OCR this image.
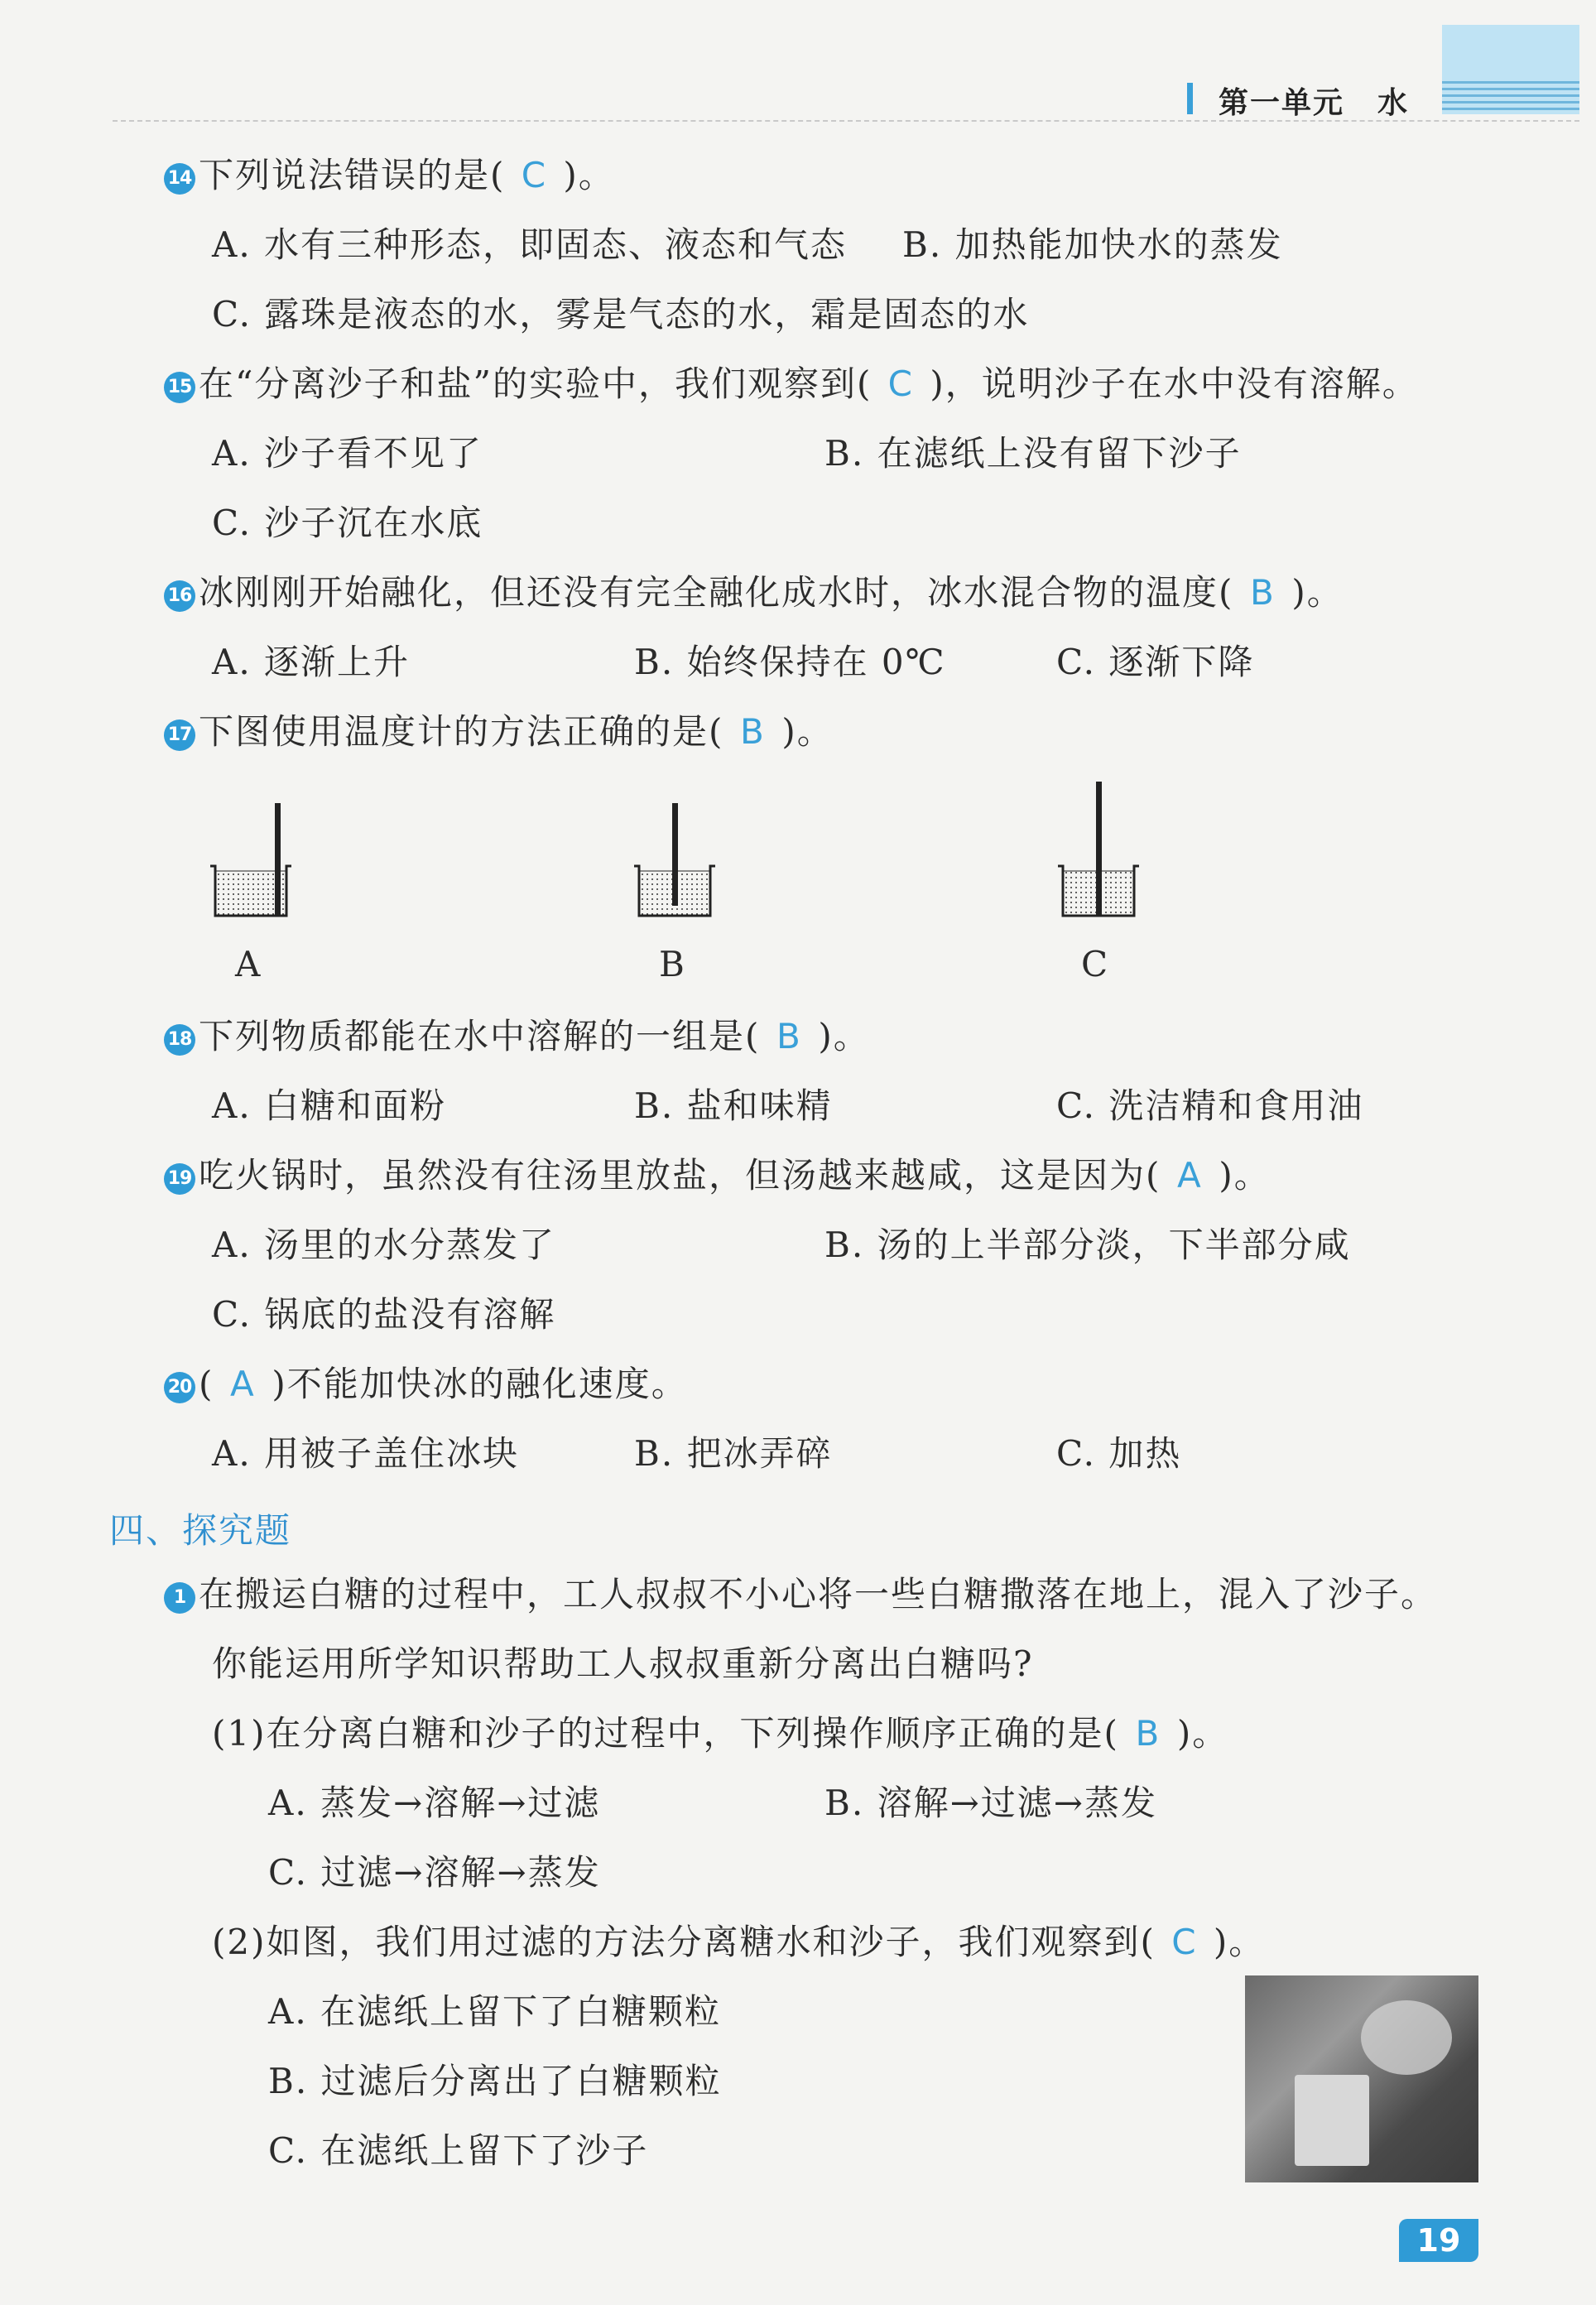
第一单元 水
14 下列说法错误的是( C )。
A. 水有三种形态，即固态、液态和气态 B. 加热能加快水的蒸发
C. 露珠是液态的水，雾是气态的水，霜是固态的水
15 在“分离沙子和盐”的实验中，我们观察到( C )，说明沙子在水中没有溶解。
A. 沙子看不见了	B. 在滤纸上没有留下沙子
C. 沙子沉在水底
16 冰刚刚开始融化，但还没有完全融化成水时，冰水混合物的温度( B )。
A. 逐渐上升	B. 始终保持在 0℃	C. 逐渐下降
17 下图使用温度计的方法正确的是( B )。
A	B	C
18 下列物质都能在水中溶解的一组是( B )。
A. 白糖和面粉	B. 盐和味精	C. 洗洁精和食用油
19 吃火锅时，虽然没有往汤里放盐，但汤越来越咸，这是因为( A )。
A. 汤里的水分蒸发了	B. 汤的上半部分淡，下半部分咸
C. 锅底的盐没有溶解
20 ( A )不能加快冰的融化速度。
A. 用被子盖住冰块	B. 把冰弄碎	C. 加热
四、探究题
1 在搬运白糖的过程中，工人叔叔不小心将一些白糖撒落在地上，混入了沙子。
你能运用所学知识帮助工人叔叔重新分离出白糖吗?
(1)在分离白糖和沙子的过程中，下列操作顺序正确的是( B )。
A. 蒸发→溶解→过滤	B. 溶解→过滤→蒸发
C. 过滤→溶解→蒸发
(2)如图，我们用过滤的方法分离糖水和沙子，我们观察到( C )。
A. 在滤纸上留下了白糖颗粒
B. 过滤后分离出了白糖颗粒
C. 在滤纸上留下了沙子
19
